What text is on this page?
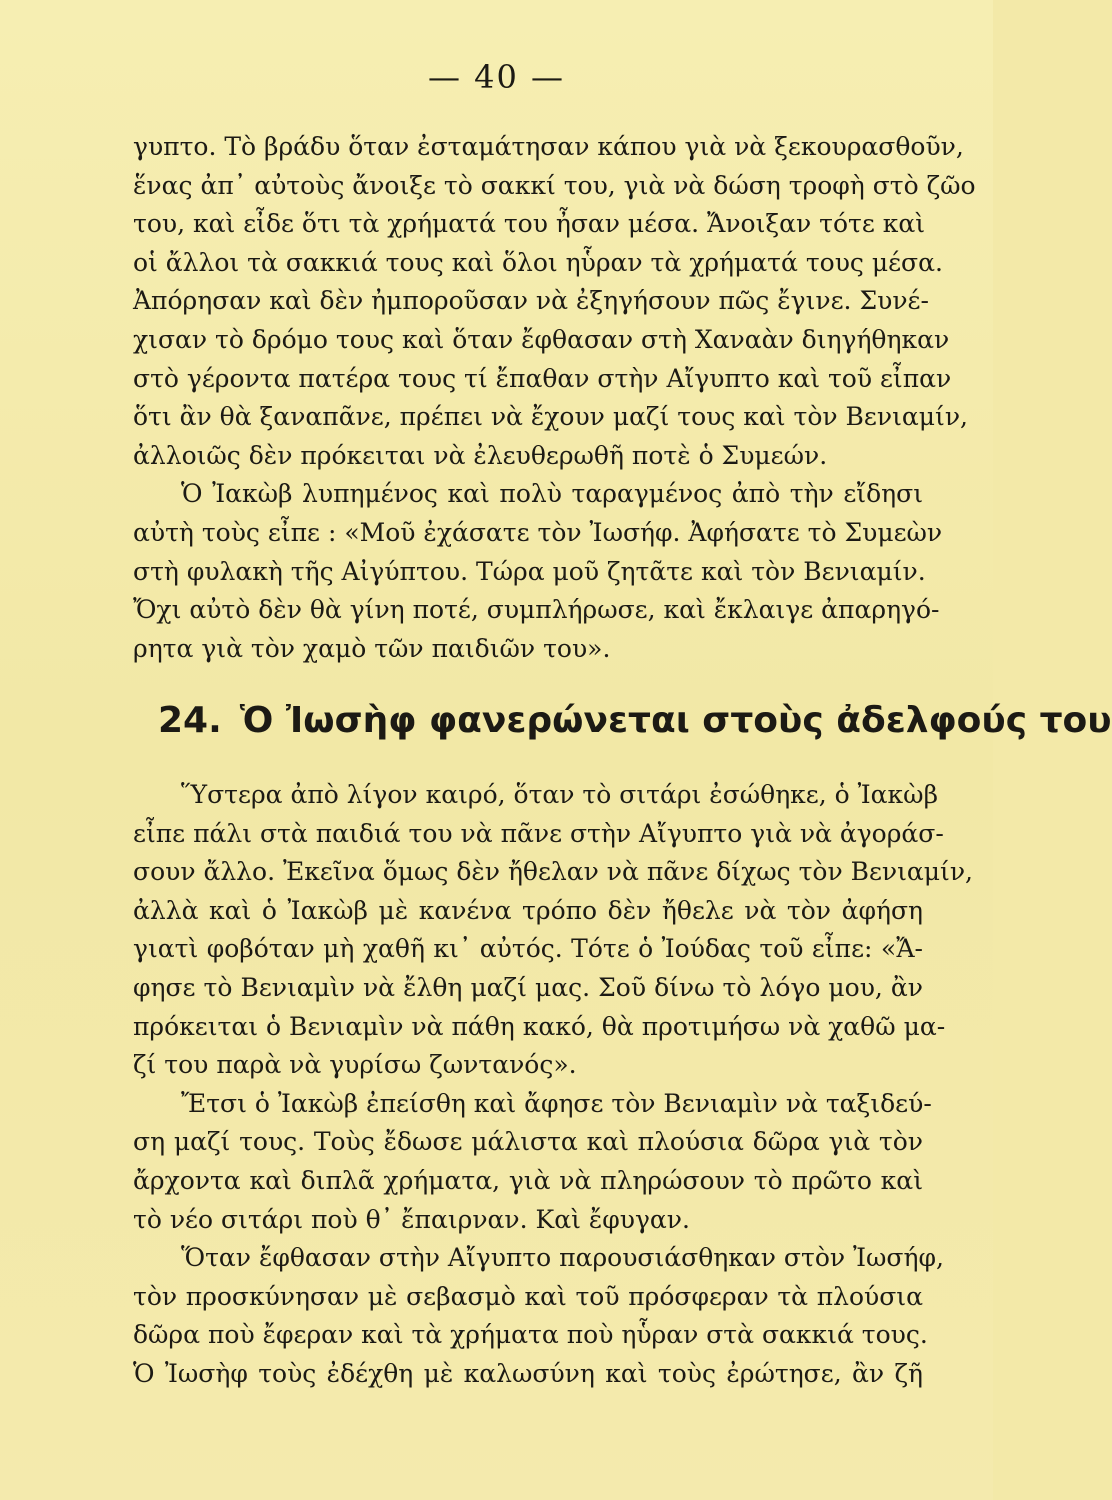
— 40 —
γυπτο. Τὸ βράδυ ὅταν ἐσταμάτησαν κάπου γιὰ νὰ ξεκουρασθοῦν,
ἕνας ἀπ᾽ αὐτοὺς ἄνοιξε τὸ σακκί του, γιὰ νὰ δώση τροφὴ στὸ ζῶο
του, καὶ εἶδε ὅτι τὰ χρήματά του ἦσαν μέσα. Ἄνοιξαν τότε καὶ
οἱ ἄλλοι τὰ σακκιά τους καὶ ὅλοι ηὗραν τὰ χρήματά τους μέσα.
Ἀπόρησαν καὶ δὲν ἠμποροῦσαν νὰ ἐξηγήσουν πῶς ἔγινε. Συνέ-
χισαν τὸ δρόμο τους καὶ ὅταν ἔφθασαν στὴ Χαναὰν διηγήθηκαν
στὸ γέροντα πατέρα τους τί ἔπαθαν στὴν Αἴγυπτο καὶ τοῦ εἶπαν
ὅτι ἂν θὰ ξαναπᾶνε, πρέπει νὰ ἔχουν μαζί τους καὶ τὸν Βενιαμίν,
ἀλλοιῶς δὲν πρόκειται νὰ ἐλευθερωθῆ ποτὲ ὁ Συμεών.
Ὁ Ἰακὼβ λυπημένος καὶ πολὺ ταραγμένος ἀπὸ τὴν εἴδησι
αὐτὴ τοὺς εἶπε : «Μοῦ ἐχάσατε τὸν Ἰωσήφ. Ἀφήσατε τὸ Συμεὼν
στὴ φυλακὴ τῆς Αἰγύπτου. Τώρα μοῦ ζητᾶτε καὶ τὸν Βενιαμίν.
Ὄχι αὐτὸ δὲν θὰ γίνη ποτέ, συμπλήρωσε, καὶ ἔκλαιγε ἀπαρηγό-
ρητα γιὰ τὸν χαμὸ τῶν παιδιῶν του».
24. Ὁ Ἰωσὴφ φανερώνεται στοὺς ἀδελφούς του
Ὕστερα ἀπὸ λίγον καιρό, ὅταν τὸ σιτάρι ἐσώθηκε, ὁ Ἰακὼβ
εἶπε πάλι στὰ παιδιά του νὰ πᾶνε στὴν Αἴγυπτο γιὰ νὰ ἀγοράσ-
σουν ἄλλο. Ἐκεῖνα ὅμως δὲν ἤθελαν νὰ πᾶνε δίχως τὸν Βενιαμίν,
ἀλλὰ καὶ ὁ Ἰακὼβ μὲ κανένα τρόπο δὲν ἤθελε νὰ τὸν ἀφήση
γιατὶ φοβόταν μὴ χαθῆ κι᾽ αὐτός. Τότε ὁ Ἰούδας τοῦ εἶπε: «Ἄ-
φησε τὸ Βενιαμὶν νὰ ἔλθη μαζί μας. Σοῦ δίνω τὸ λόγο μου, ἂν
πρόκειται ὁ Βενιαμὶν νὰ πάθη κακό, θὰ προτιμήσω νὰ χαθῶ μα-
ζί του παρὰ νὰ γυρίσω ζωντανός».
Ἔτσι ὁ Ἰακὼβ ἐπείσθη καὶ ἄφησε τὸν Βενιαμὶν νὰ ταξιδεύ-
ση μαζί τους. Τοὺς ἔδωσε μάλιστα καὶ πλούσια δῶρα γιὰ τὸν
ἄρχοντα καὶ διπλᾶ χρήματα, γιὰ νὰ πληρώσουν τὸ πρῶτο καὶ
τὸ νέο σιτάρι ποὺ θ᾽ ἔπαιρναν. Καὶ ἔφυγαν.
Ὅταν ἔφθασαν στὴν Αἴγυπτο παρουσιάσθηκαν στὸν Ἰωσήφ,
τὸν προσκύνησαν μὲ σεβασμὸ καὶ τοῦ πρόσφεραν τὰ πλούσια
δῶρα ποὺ ἔφεραν καὶ τὰ χρήματα ποὺ ηὗραν στὰ σακκιά τους.
Ὁ Ἰωσὴφ τοὺς ἐδέχθη μὲ καλωσύνη καὶ τοὺς ἐρώτησε, ἂν ζῆ
